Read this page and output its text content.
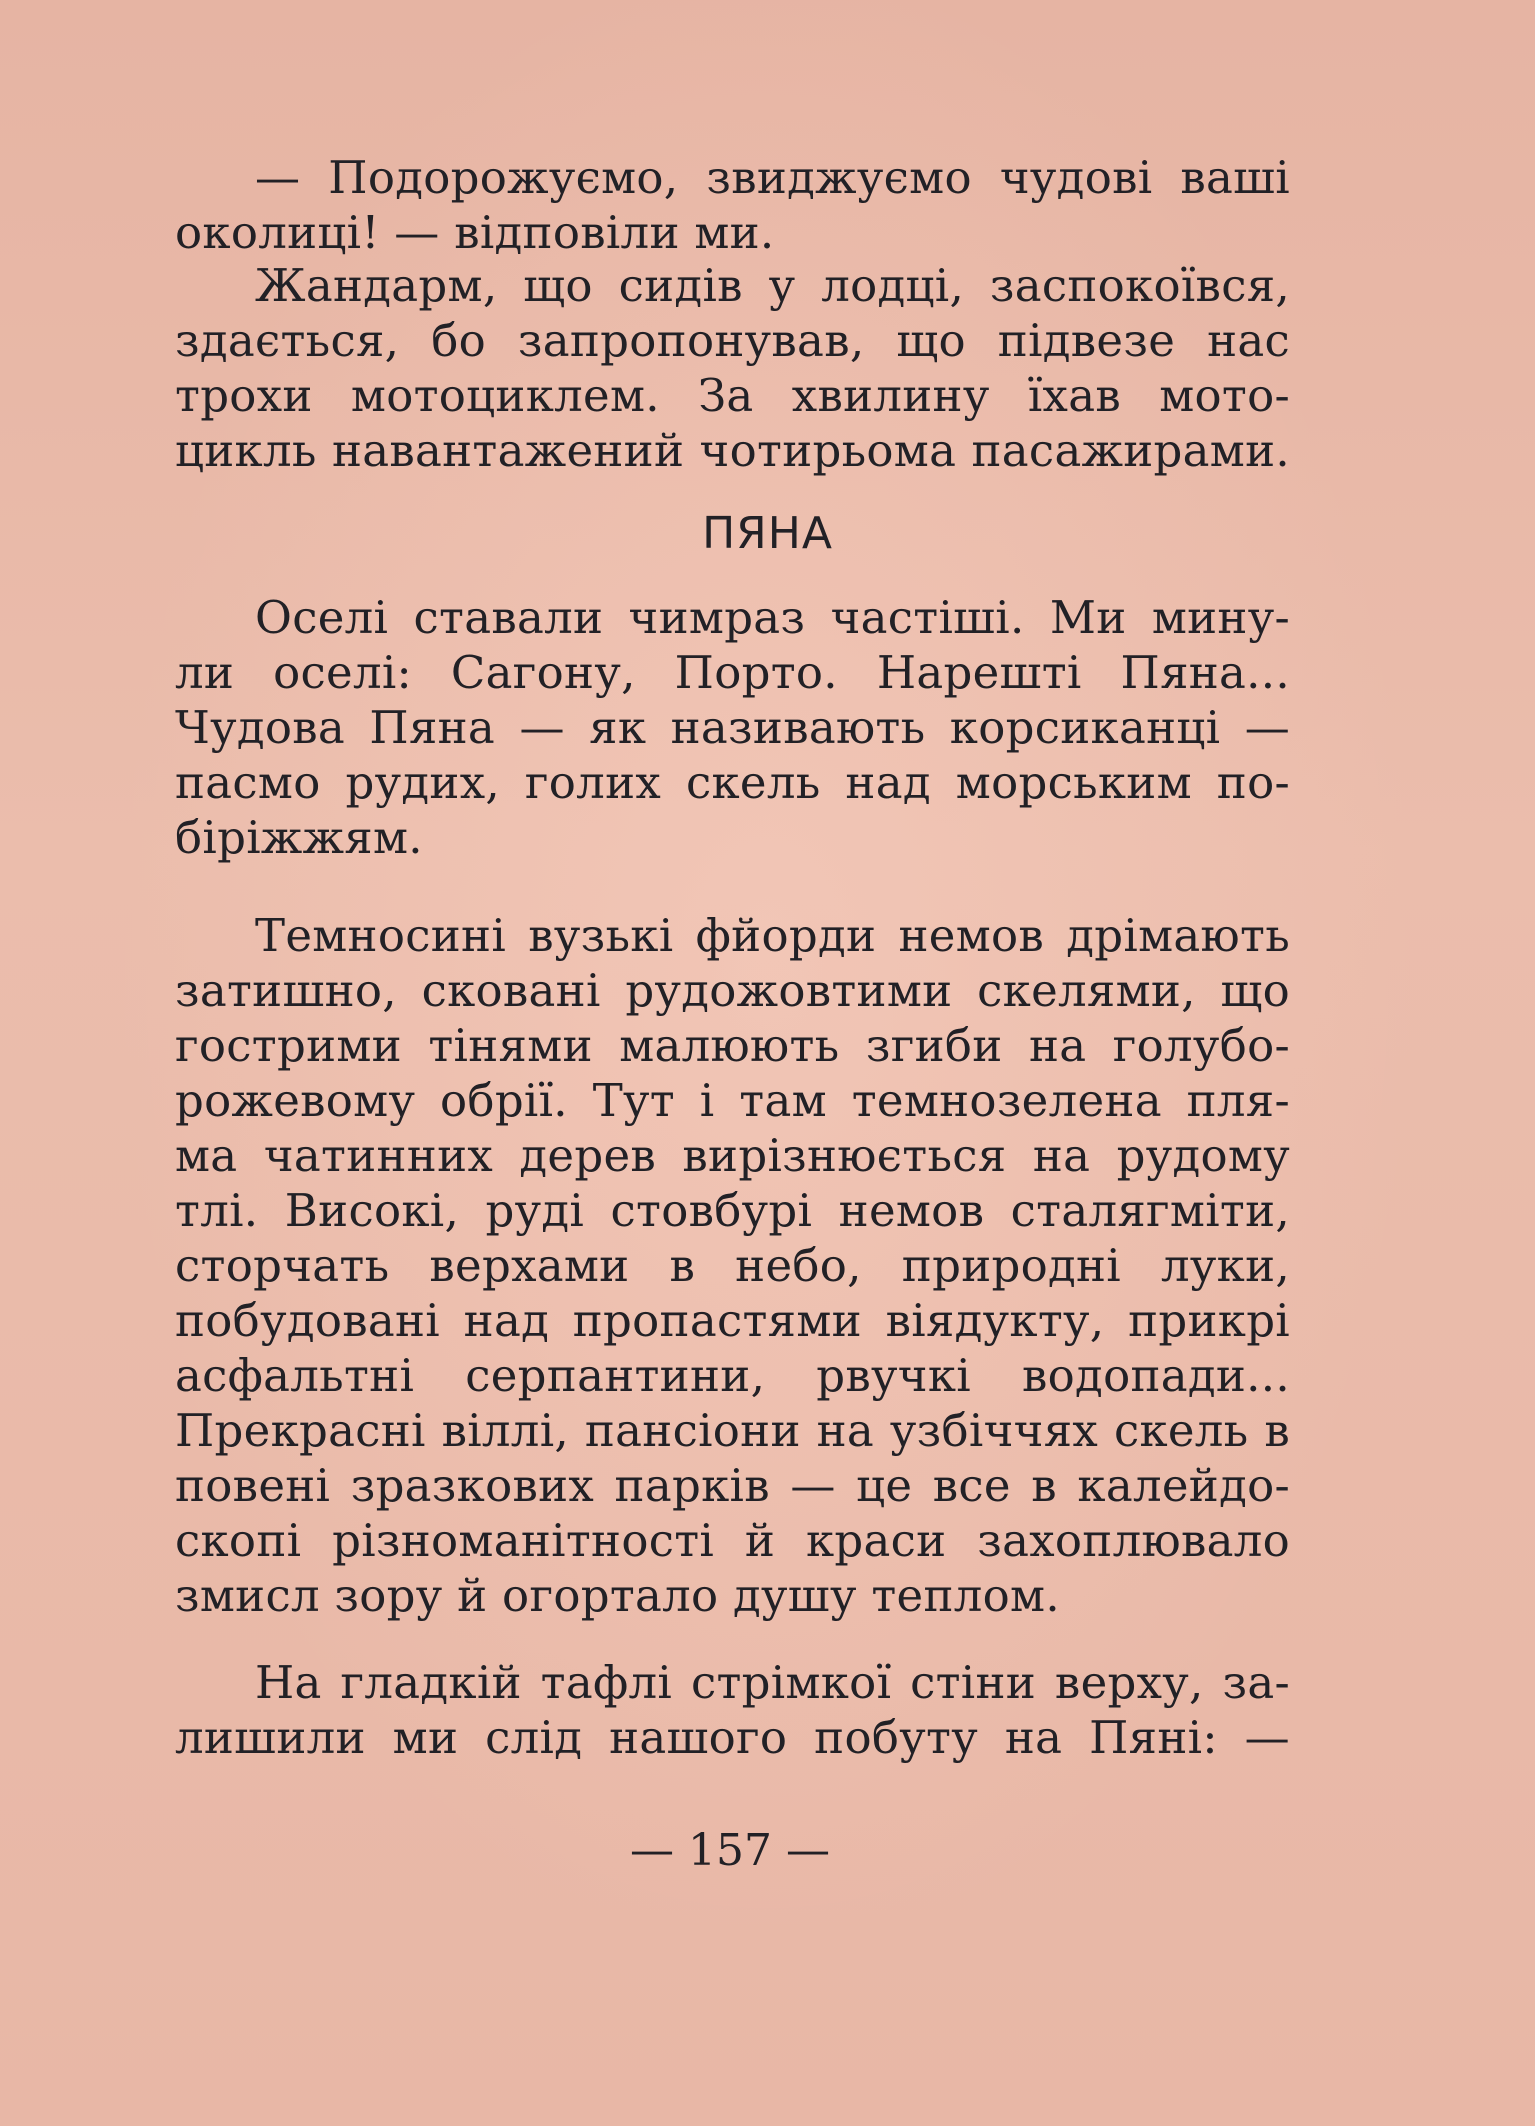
— Подорожуємо, звиджуємо чудові ваші
околиці! — відповіли ми.
Жандарм, що сидів у лодці, заспокоївся,
здається, бо запропонував, що підвезе нас
трохи мотоциклем. За хвилину їхав мото-
цикль навантажений чотирьома пасажирами.
ПЯНА
Оселі ставали чимраз частіші. Ми мину-
ли оселі: Сагону, Порто. Нарешті Пяна...
Чудова Пяна — як називають корсиканці —
пасмо рудих, голих скель над морським по-
біріжжям.
Темносині вузькі фйорди немов дрімають
затишно, сковані рудожовтими скелями, що
гострими тінями малюють згиби на голубо-
рожевому обрії. Тут і там темнозелена пля-
ма чатинних дерев вирізнюється на рудому
тлі. Високі, руді стовбурі немов сталягміти,
сторчать верхами в небо, природні луки,
побудовані над пропастями віядукту, прикрі
асфальтні серпантини, рвучкі водопади...
Прекрасні віллі, пансіони на узбіччях скель в
повені зразкових парків — це все в калейдо-
скопі різноманітності й краси захоплювало
змисл зору й огортало душу теплом.
На гладкій тафлі стрімкої стіни верху, за-
лишили ми слід нашого побуту на Пяні: —
— 157 —
